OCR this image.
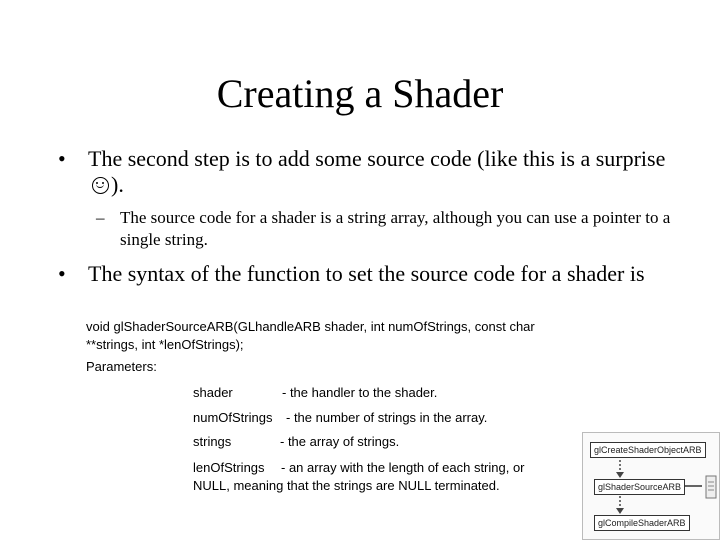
Creating a Shader
• The second step is to add some source code (like this is a surprise ).
– The source code for a shader is a string array, although you can use a pointer to a single string.
• The syntax of the function to set the source code for a shader is
void glShaderSourceARB(GLhandleARB shader, int numOfStrings, const char **strings, int *lenOfStrings);
Parameters:
shader	- the handler to the shader.
numOfStrings - the number of strings in the array.
strings	- the array of strings.
lenOfStrings	- an array with the length of each string, or NULL, meaning that the strings are NULL terminated.
glCreateShaderObjectARB
glShaderSourceARB
glCompileShaderARB
